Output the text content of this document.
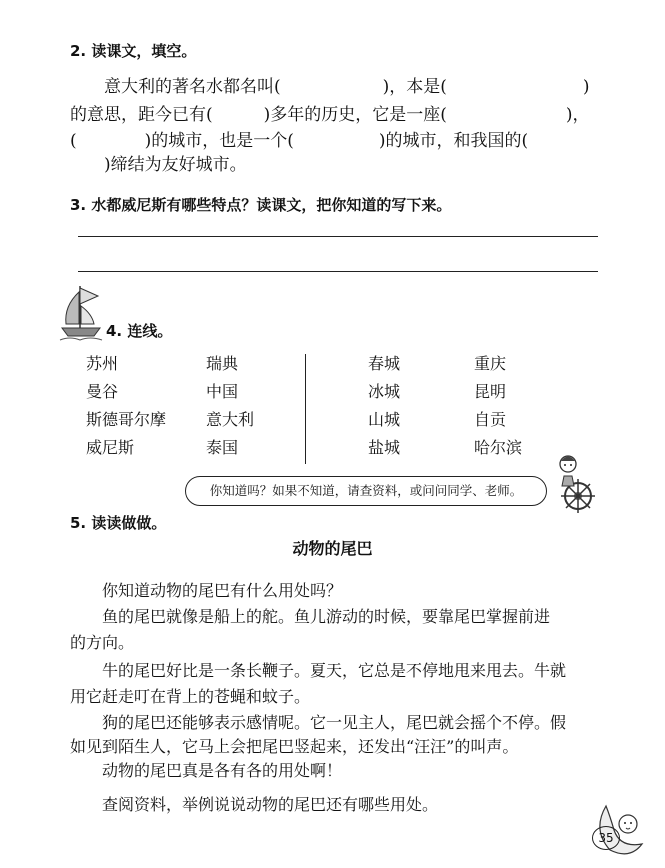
2. 读课文，填空。
　　意大利的著名水都名叫(　　　　　　)，本是(　　　　　　　　)
的意思，距今已有(　　　)多年的历史，它是一座(　　　　　　　)，
(　　　　)的城市，也是一个(　　　　　)的城市，和我国的(　　　
　　)缔结为友好城市。
3. 水都威尼斯有哪些特点？读课文，把你知道的写下来。
4. 连线。
苏州
曼谷
斯德哥尔摩
威尼斯
瑞典
中国
意大利
泰国
春城
冰城
山城
盐城
重庆
昆明
自贡
哈尔滨
你知道吗？如果不知道，请查资料，或问问同学、老师。
5. 读读做做。
动物的尾巴
　　你知道动物的尾巴有什么用处吗？
　　鱼的尾巴就像是船上的舵。鱼儿游动的时候，要靠尾巴掌握前进
的方向。
　　牛的尾巴好比是一条长鞭子。夏天，它总是不停地甩来甩去。牛就
用它赶走叮在背上的苍蝇和蚊子。
　　狗的尾巴还能够表示感情呢。它一见主人，尾巴就会摇个不停。假
如见到陌生人，它马上会把尾巴竖起来，还发出“汪汪”的叫声。
　　动物的尾巴真是各有各的用处啊！
　　查阅资料，举例说说动物的尾巴还有哪些用处。
35
